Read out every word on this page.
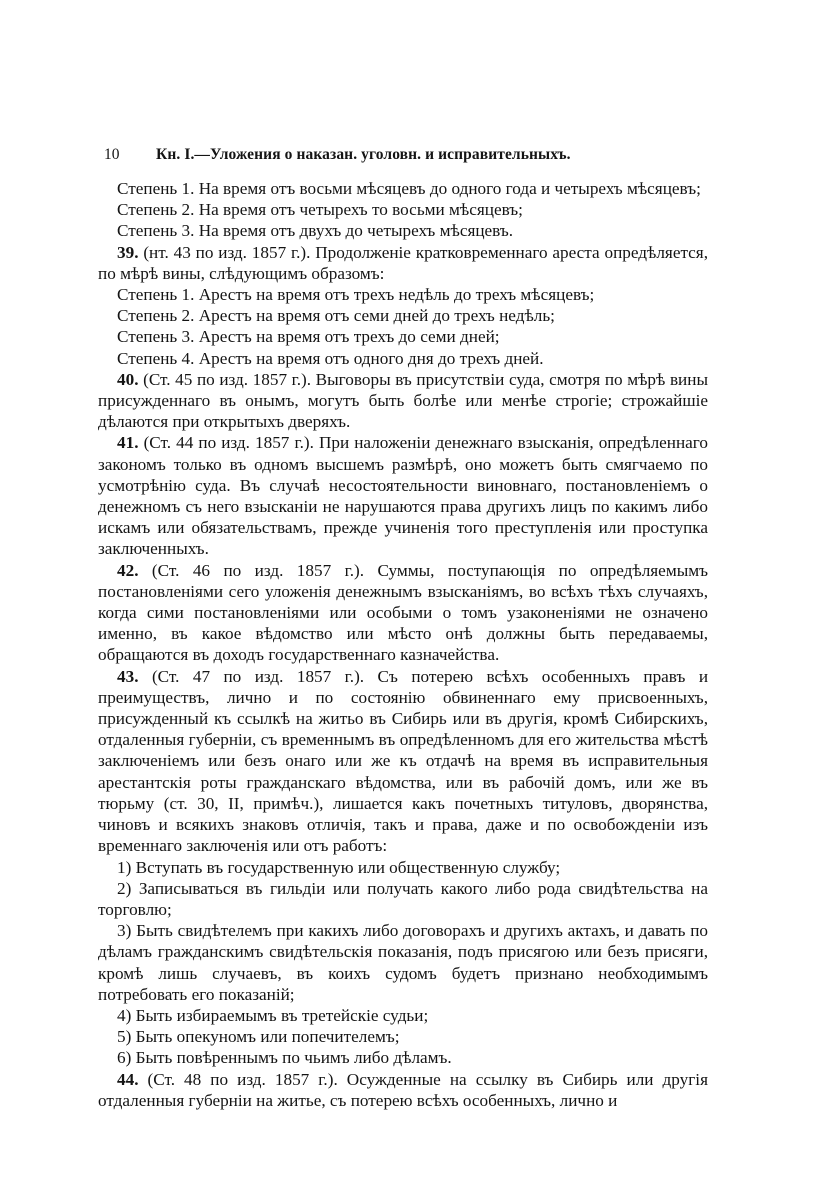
10 Кн. I.—Уложения о наказан. уголовн. и исправительныхъ.

Степень 1. На время отъ восьми мѣсяцевъ до одного года и четырехъ мѣсяцевъ;

Степень 2. На время отъ четырехъ то восьми мѣсяцевъ;

Степень 3. На время отъ двухъ до четырехъ мѣсяцевъ.

39. (нт. 43 по изд. 1857 г.). Продолженіе кратковременнаго ареста опредѣляется, по мѣрѣ вины, слѣдующимъ образомъ:

Степень 1. Арестъ на время отъ трехъ недѣль до трехъ мѣсяцевъ;

Степень 2. Арестъ на время отъ семи дней до трехъ недѣль;

Степень 3. Арестъ на время отъ трехъ до семи дней;

Степень 4. Арестъ на время отъ одного дня до трехъ дней.

40. (Ст. 45 по изд. 1857 г.). Выговоры въ присутствіи суда, смотря по мѣрѣ вины присужденнаго въ онымъ, могутъ быть болѣе или менѣе строгіе; строжайшіе дѣлаются при открытыхъ дверяхъ.

41. (Ст. 44 по изд. 1857 г.). При наложеніи денежнаго взысканія, опредѣленнаго закономъ только въ одномъ высшемъ размѣрѣ, оно можетъ быть смягчаемо по усмотрѣнію суда. Въ случаѣ несостоятельности виновнаго, постановленіемъ о денежномъ съ него взысканіи не нарушаются права другихъ лицъ по какимъ либо искамъ или обязательствамъ, прежде учиненія того преступленія или проступка заключенныхъ.

42. (Ст. 46 по изд. 1857 г.). Суммы, поступающія по опредѣляемымъ постановленіями сего уложенія денежнымъ взысканіямъ, во всѣхъ тѣхъ случаяхъ, когда сими постановленіями или особыми о томъ узаконеніями не означено именно, въ какое вѣдомство или мѣсто онѣ должны быть передаваемы, обращаются въ доходъ государственнаго казначейства.

43. (Ст. 47 по изд. 1857 г.). Съ потерею всѣхъ особенныхъ правъ и преимуществъ, лично и по состоянію обвиненнаго ему присвоенныхъ, присужденный къ ссылкѣ на житьо въ Сибирь или въ другія, кромѣ Сибирскихъ, отдаленныя губерніи, съ временнымъ въ опредѣленномъ для его жительства мѣстѣ заключеніемъ или безъ онаго или же къ отдачѣ на время въ исправительныя арестантскія роты гражданскаго вѣдомства, или въ рабочій домъ, или же въ тюрьму (ст. 30, II, примѣч.), лишается какъ почетныхъ титуловъ, дворянства, чиновъ и всякихъ знаковъ отличія, такъ и права, даже и по освобожденіи изъ временнаго заключенія или отъ работъ:

1) Вступать въ государственную или общественную службу;

2) Записываться въ гильдіи или получать какого либо рода свидѣтельства на торговлю;

3) Быть свидѣтелемъ при какихъ либо договорахъ и другихъ актахъ, и давать по дѣламъ гражданскимъ свидѣтельскія показанія, подъ присягою или безъ присяги, кромѣ лишь случаевъ, въ коихъ судомъ будетъ признано необходимымъ потребовать его показаній;

4) Быть избираемымъ въ третейскіе судьи;

5) Быть опекуномъ или попечителемъ;

6) Быть повѣреннымъ по чьимъ либо дѣламъ.

44. (Ст. 48 по изд. 1857 г.). Осужденные на ссылку въ Сибирь или другія отдаленныя губерніи на житье, съ потерею всѣхъ особенныхъ, лично и
